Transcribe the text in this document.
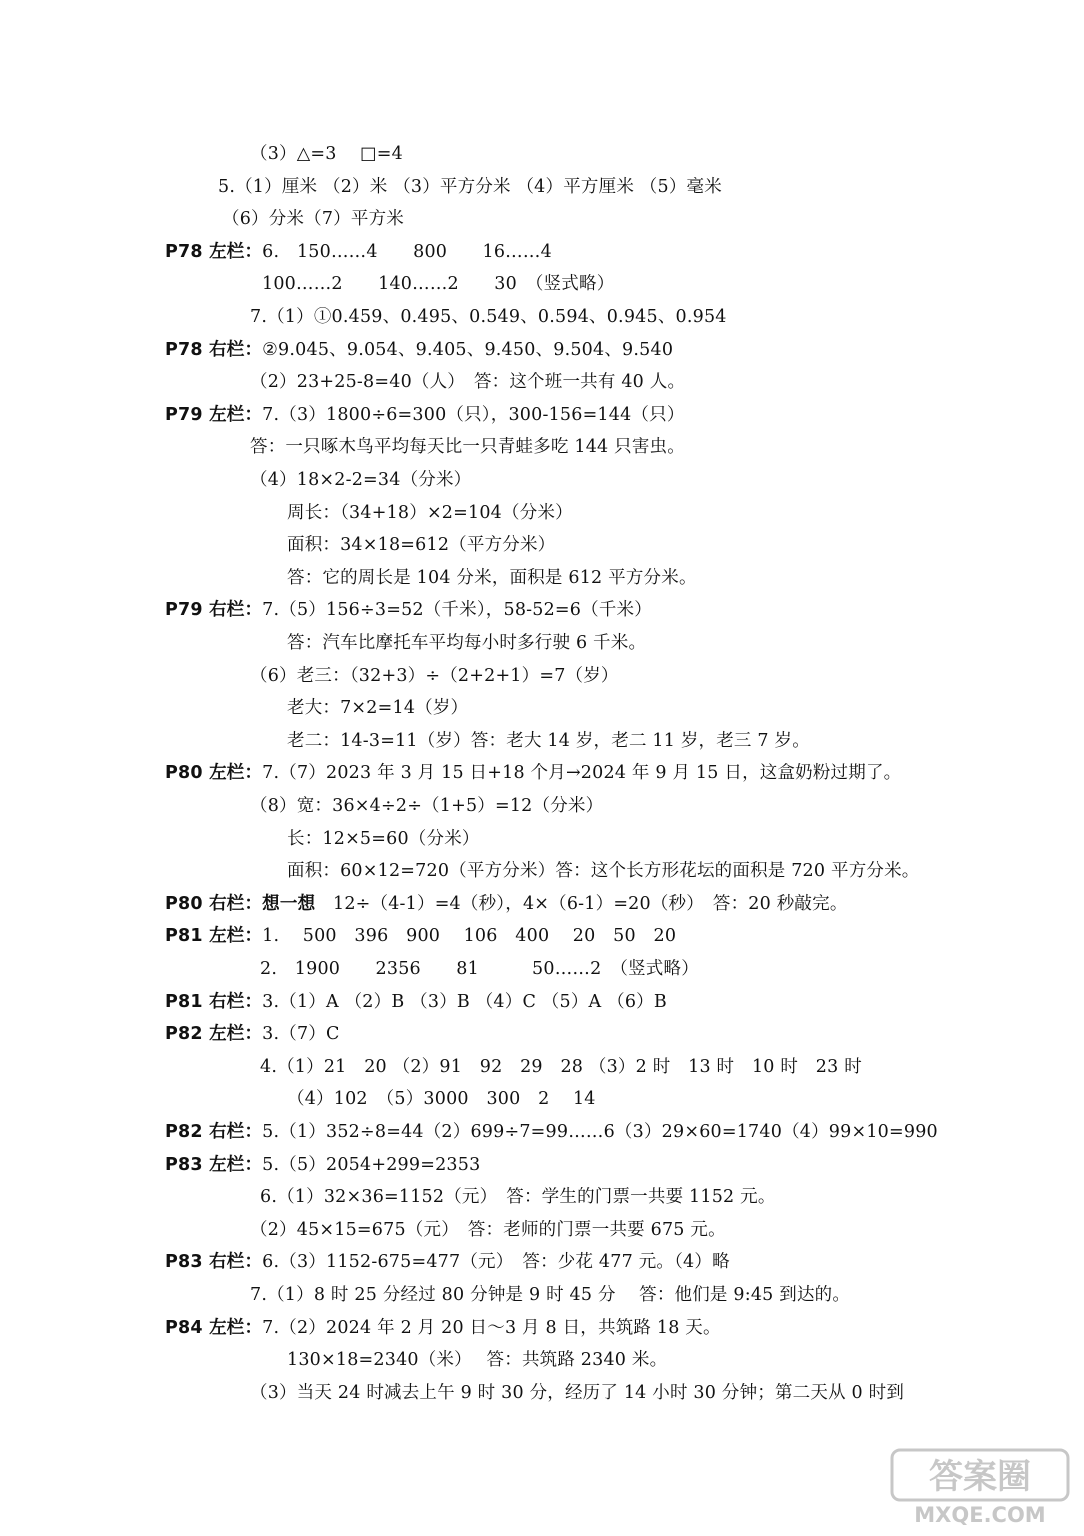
（3）△=3　 □=4
5.（1）厘米 （2）米 （3）平方分米 （4）平方厘米 （5）毫米
（6）分米（7）平方米
P78 左栏：6.　150……4　　800　　16……4
100……2　　140……2　　30　（竖式略）
7.（1）①0.459、0.495、0.549、0.594、0.945、0.954
P78 右栏：②9.045、9.054、9.405、9.450、9.504、9.540
（2）23+25-8=40（人）　答：这个班一共有 40 人。
P79 左栏：7.（3）1800÷6=300（只），300-156=144（只）
答：一只啄木鸟平均每天比一只青蛙多吃 144 只害虫。
（4）18×2-2=34（分米）
周长：（34+18）×2=104（分米）
面积：34×18=612（平方分米）
答：它的周长是 104 分米，面积是 612 平方分米。
P79 右栏：7.（5）156÷3=52（千米），58-52=6（千米）
答：汽车比摩托车平均每小时多行驶 6 千米。
（6）老三：（32+3）÷（2+2+1）=7（岁）
老大：7×2=14（岁）
老二：14-3=11（岁）答：老大 14 岁，老二 11 岁，老三 7 岁。
P80 左栏：7.（7）2023 年 3 月 15 日+18 个月→2024 年 9 月 15 日，这盒奶粉过期了。
（8）宽：36×4÷2÷（1+5）=12（分米）
长：12×5=60（分米）
面积：60×12=720（平方分米）答：这个长方形花坛的面积是 720 平方分米。
P80 右栏：想一想　12÷（4-1）=4（秒），4×（6-1）=20（秒）　答：20 秒敲完。
P81 左栏：1.　 500　396　900　 106　400　 20　50　20
2.　1900　　2356　　81　　　50……2　（竖式略）
P81 右栏：3.（1）A （2）B （3）B （4）C （5）A （6）B
P82 左栏：3.（7）C
4.（1）21　20 （2）91　92　29　28 （3）2 时　13 时　10 时　23 时
（4）102　（5）3000　300　2　 14
P82 右栏：5.（1）352÷8=44（2）699÷7=99……6（3）29×60=1740（4）99×10=990
P83 左栏：5.（5）2054+299=2353
6.（1）32×36=1152（元）　答：学生的门票一共要 1152 元。
（2）45×15=675（元）　答：老师的门票一共要 675 元。
P83 右栏：6.（3）1152-675=477（元）　答：少花 477 元。（4）略
7.（1）8 时 25 分经过 80 分钟是 9 时 45 分　 答：他们是 9:45 到达的。
P84 左栏：7.（2）2024 年 2 月 20 日～3 月 8 日，共筑路 18 天。
130×18=2340（米）　 答：共筑路 2340 米。
（3）当天 24 时减去上午 9 时 30 分，经历了 14 小时 30 分钟；第二天从 0 时到
答案圈
MXQE.COM
